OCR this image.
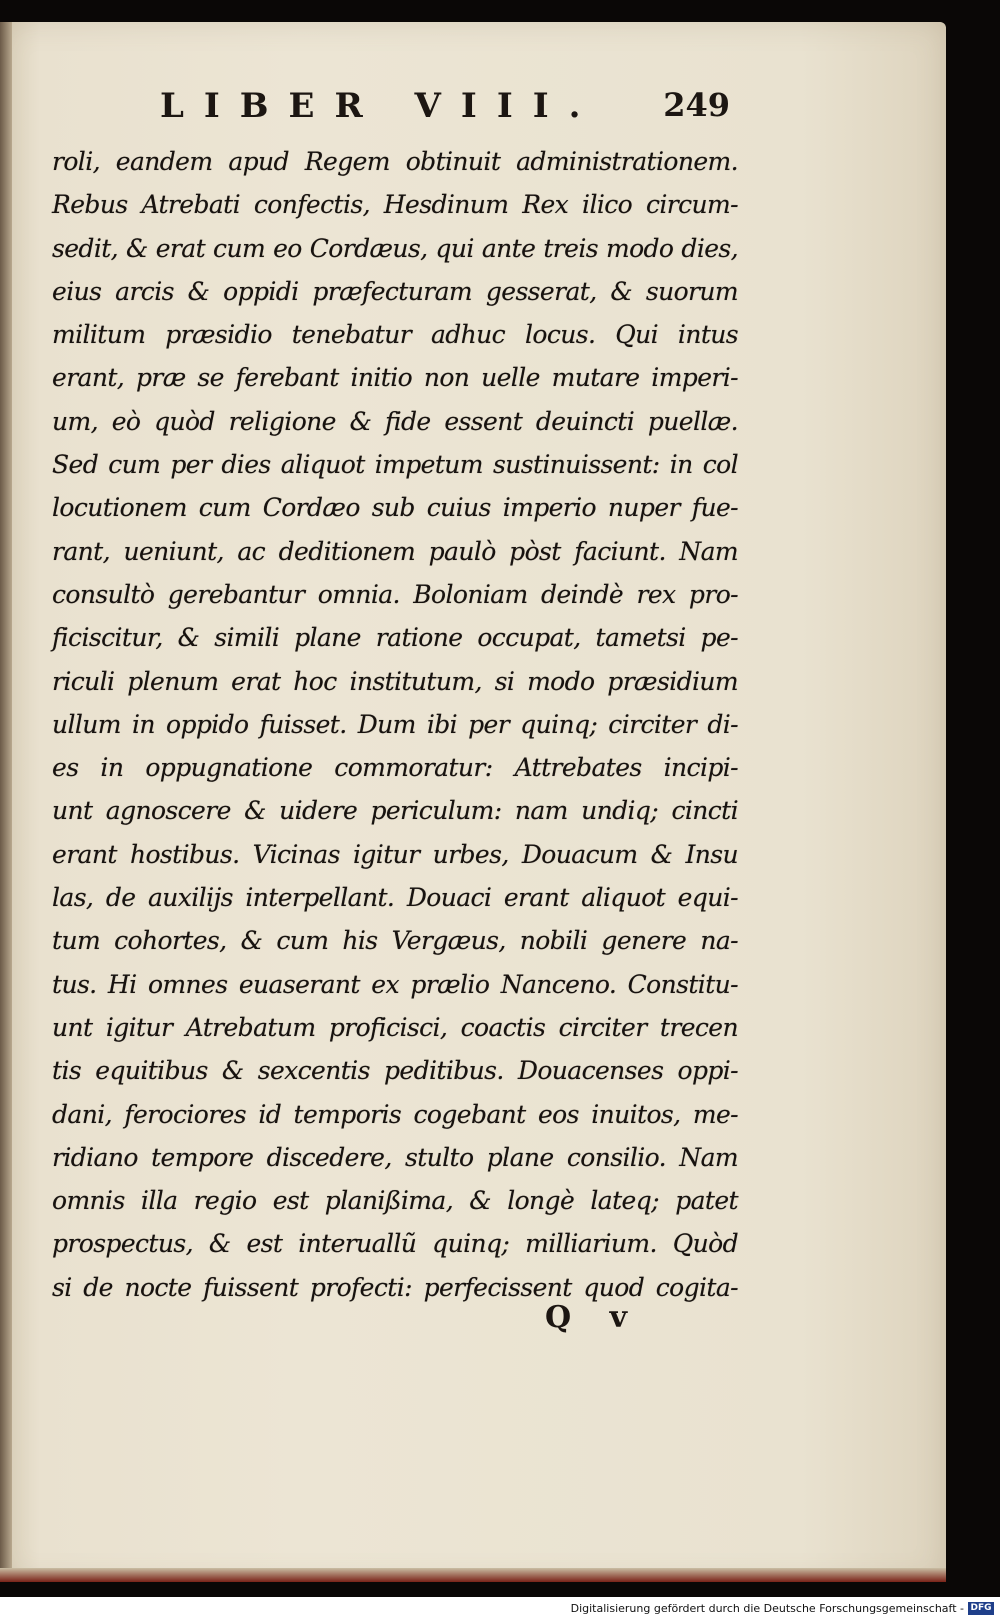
LIBER VIII. 249
roli, eandem apud Regem obtinuit administrationem.
Rebus Atrebati confectis, Hesdinum Rex ilico circum-
sedit, & erat cum eo Cordæus, qui ante treis modo dies,
eius arcis & oppidi præfecturam gesserat, & suorum
militum præsidio tenebatur adhuc locus. Qui intus
erant, præ se ferebant initio non uelle mutare imperi-
um, eò quòd religione & fide essent deuincti puellæ.
Sed cum per dies aliquot impetum sustinuissent: in col
locutionem cum Cordæo sub cuius imperio nuper fue-
rant, ueniunt, ac deditionem paulò pòst faciunt. Nam
consultò gerebantur omnia. Boloniam deindè rex pro-
ficiscitur, & simili plane ratione occupat, tametsi pe-
riculi plenum erat hoc institutum, si modo præsidium
ullum in oppido fuisset. Dum ibi per quinq; circiter di-
es in oppugnatione commoratur: Attrebates incipi-
unt agnoscere & uidere periculum: nam undiq; cincti
erant hostibus. Vicinas igitur urbes, Douacum & Insu
las, de auxilijs interpellant. Douaci erant aliquot equi-
tum cohortes, & cum his Vergæus, nobili genere na-
tus. Hi omnes euaserant ex prælio Nanceno. Constitu-
unt igitur Atrebatum proficisci, coactis circiter trecen
tis equitibus & sexcentis peditibus. Douacenses oppi-
dani, ferociores id temporis cogebant eos inuitos, me-
ridiano tempore discedere, stulto plane consilio. Nam
omnis illa regio est planißima, & longè lateq; patet
prospectus, & est interuallũ quinq; milliarium. Quòd
si de nocte fuissent profecti: perfecissent quod cogita-
Q v
Digitalisierung gefördert durch die Deutsche Forschungsgemeinschaft - DFG
